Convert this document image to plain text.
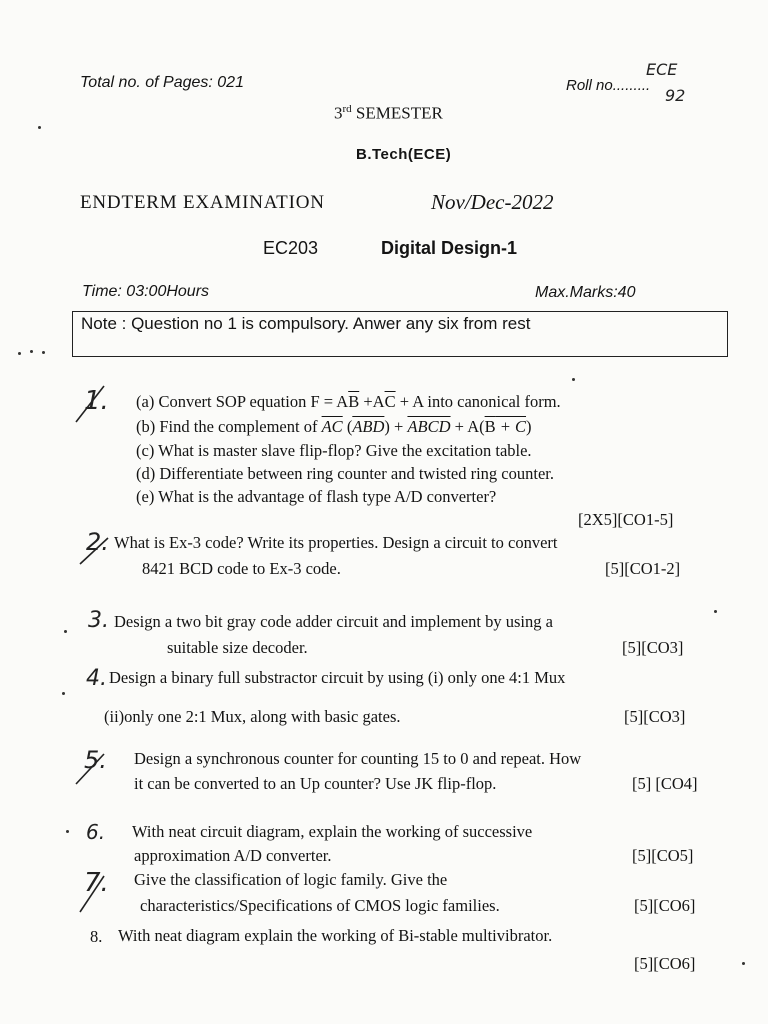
Total no. of Pages: 021	Roll no.........
ECE
92
3rd SEMESTER
B.Tech(ECE)
ENDTERM EXAMINATION	Nov/Dec-2022
EC203	Digital Design-1
Time: 03:00Hours	Max.Marks:40
Note : Question no 1 is compulsory. Anwer any six from rest
1. (a) Convert SOP equation $F = A\overline{B} +A\overline{C} + A$ into canonical form.
(b) Find the complement of $\overline{AC}$ $(\overline{ABD})$ + ABCD + A(B + C)
(c) What is master slave flip-flop? Give the excitation table.
(d) Differentiate between ring counter and twisted ring counter.
(e) What is the advantage of flash type A/D converter?
[2X5][CO1-5]
2. What is Ex-3 code? Write its properties. Design a circuit to convert
8421 BCD code to Ex-3 code.	[5][CO1-2]
3. Design a two bit gray code adder circuit and implement by using a
suitable size decoder.	[5][CO3]
4. Design a binary full substractor circuit by using (i) only one 4:1 Mux
(ii)only one 2:1 Mux, along with basic gates.	[5][CO3]
5. Design a synchronous counter for counting 15 to 0 and repeat. How
it can be converted to an Up counter? Use JK flip-flop.	[5] [CO4]
6. With neat circuit diagram, explain the working of successive
approximation A/D converter.	[5][CO5]
7. Give the classification of logic family. Give the
characteristics/Specifications of CMOS logic families.	[5][CO6]
8. With neat diagram explain the working of Bi-stable multivibrator.
[5][CO6]
